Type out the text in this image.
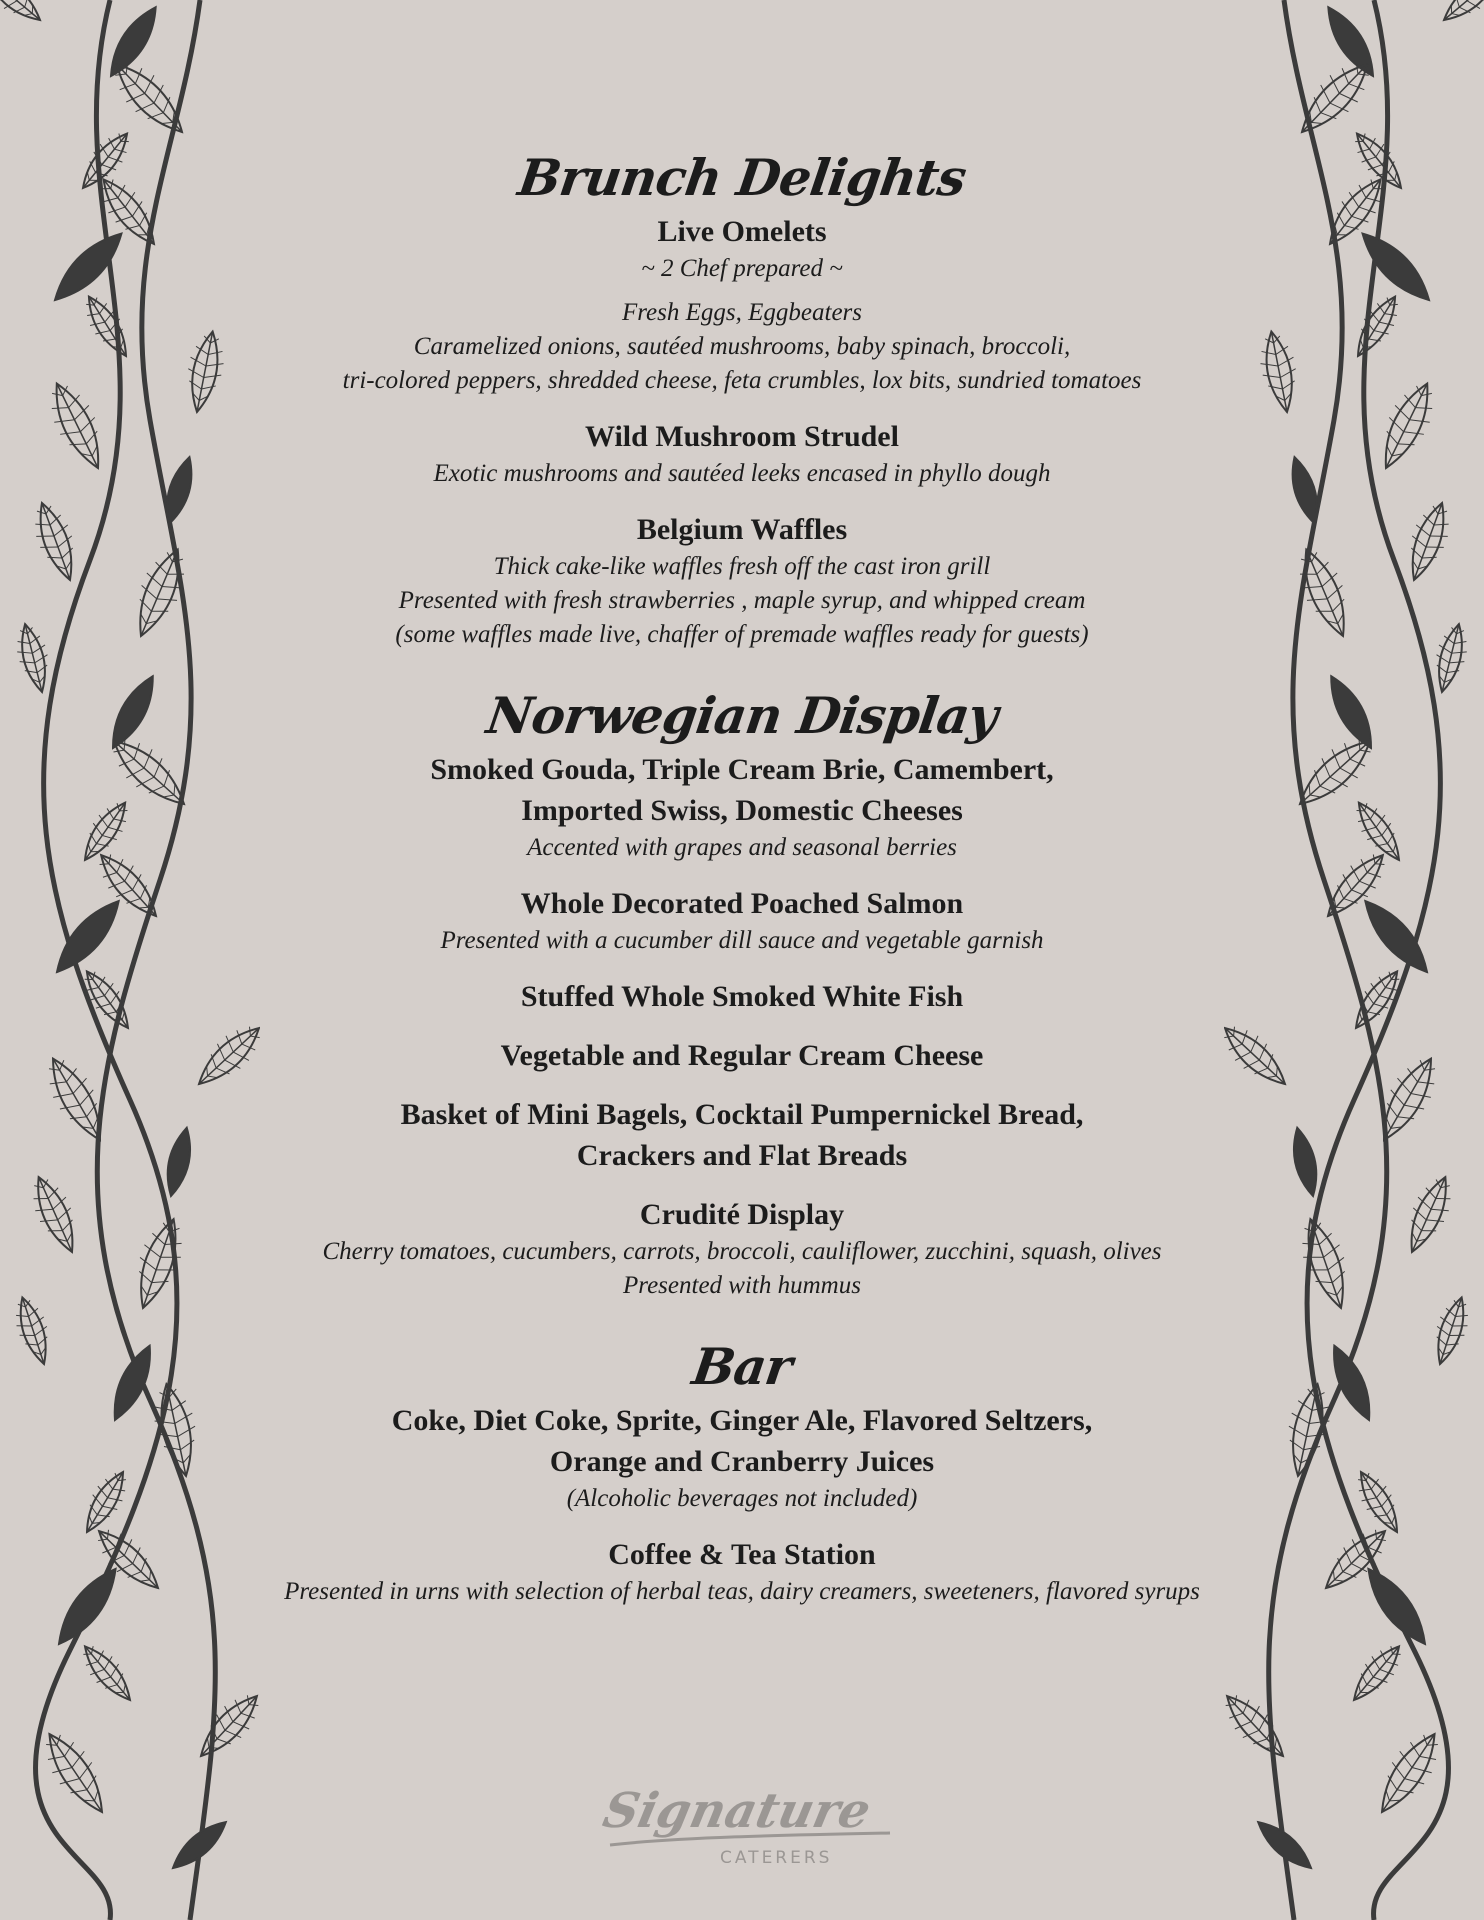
Brunch Delights
Live Omelets
~ 2 Chef prepared ~
Fresh Eggs, Eggbeaters
Caramelized onions, sautéed mushrooms, baby spinach, broccoli,
tri-colored peppers, shredded cheese, feta crumbles, lox bits, sundried tomatoes
Wild Mushroom Strudel
Exotic mushrooms and sautéed leeks encased in phyllo dough
Belgium Waffles
Thick cake-like waffles fresh off the cast iron grill
Presented with fresh strawberries , maple syrup, and whipped cream
(some waffles made live, chaffer of premade waffles ready for guests)
Norwegian Display
Smoked Gouda, Triple Cream Brie, Camembert,
Imported Swiss, Domestic Cheeses
Accented with grapes and seasonal berries
Whole Decorated Poached Salmon
Presented with a cucumber dill sauce and vegetable garnish
Stuffed Whole Smoked White Fish
Vegetable and Regular Cream Cheese
Basket of Mini Bagels, Cocktail Pumpernickel Bread,
Crackers and Flat Breads
Crudité Display
Cherry tomatoes, cucumbers, carrots, broccoli, cauliflower, zucchini, squash, olives
Presented with hummus
Bar
Coke, Diet Coke, Sprite, Ginger Ale, Flavored Seltzers,
Orange and Cranberry Juices
(Alcoholic beverages not included)
Coffee & Tea Station
Presented in urns with selection of herbal teas, dairy creamers, sweeteners, flavored syrups
Signature
CATERERS
